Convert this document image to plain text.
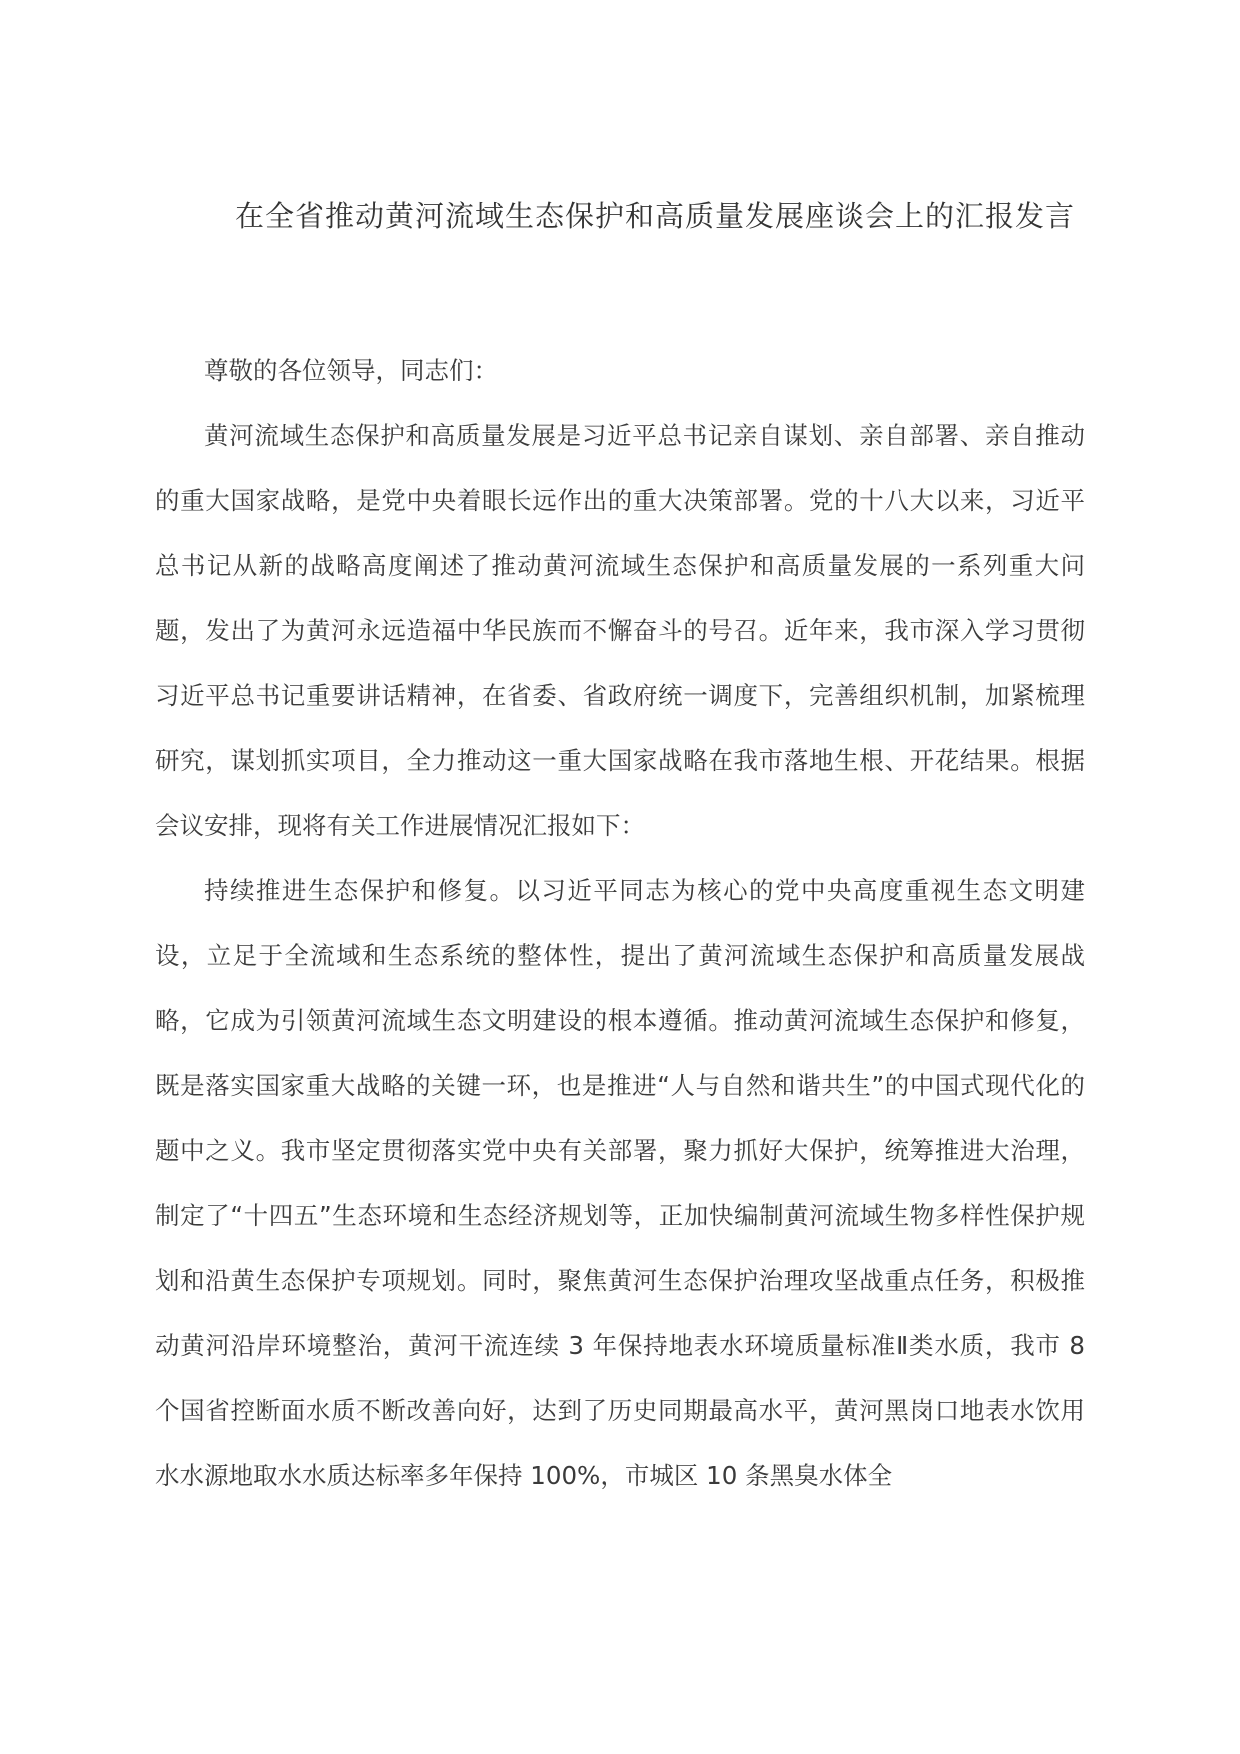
在全省推动黄河流域生态保护和高质量发展座谈会上的汇报发言

尊敬的各位领导，同志们：

黄河流域生态保护和高质量发展是习近平总书记亲自谋划、亲自部署、亲自推动的重大国家战略，是党中央着眼长远作出的重大决策部署。党的十八大以来，习近平总书记从新的战略高度阐述了推动黄河流域生态保护和高质量发展的一系列重大问题，发出了为黄河永远造福中华民族而不懈奋斗的号召。近年来，我市深入学习贯彻习近平总书记重要讲话精神，在省委、省政府统一调度下，完善组织机制，加紧梳理研究，谋划抓实项目，全力推动这一重大国家战略在我市落地生根、开花结果。根据会议安排，现将有关工作进展情况汇报如下：

持续推进生态保护和修复。以习近平同志为核心的党中央高度重视生态文明建设，立足于全流域和生态系统的整体性，提出了黄河流域生态保护和高质量发展战略，它成为引领黄河流域生态文明建设的根本遵循。推动黄河流域生态保护和修复，既是落实国家重大战略的关键一环，也是推进“人与自然和谐共生”的中国式现代化的题中之义。我市坚定贯彻落实党中央有关部署，聚力抓好大保护，统筹推进大治理，制定了“十四五”生态环境和生态经济规划等，正加快编制黄河流域生物多样性保护规划和沿黄生态保护专项规划。同时，聚焦黄河生态保护治理攻坚战重点任务，积极推动黄河沿岸环境整治，黄河干流连续 3 年保持地表水环境质量标准Ⅱ类水质，我市 8 个国省控断面水质不断改善向好，达到了历史同期最高水平，黄河黑岗口地表水饮用水水源地取水水质达标率多年保持 100%，市城区 10 条黑臭水体全
